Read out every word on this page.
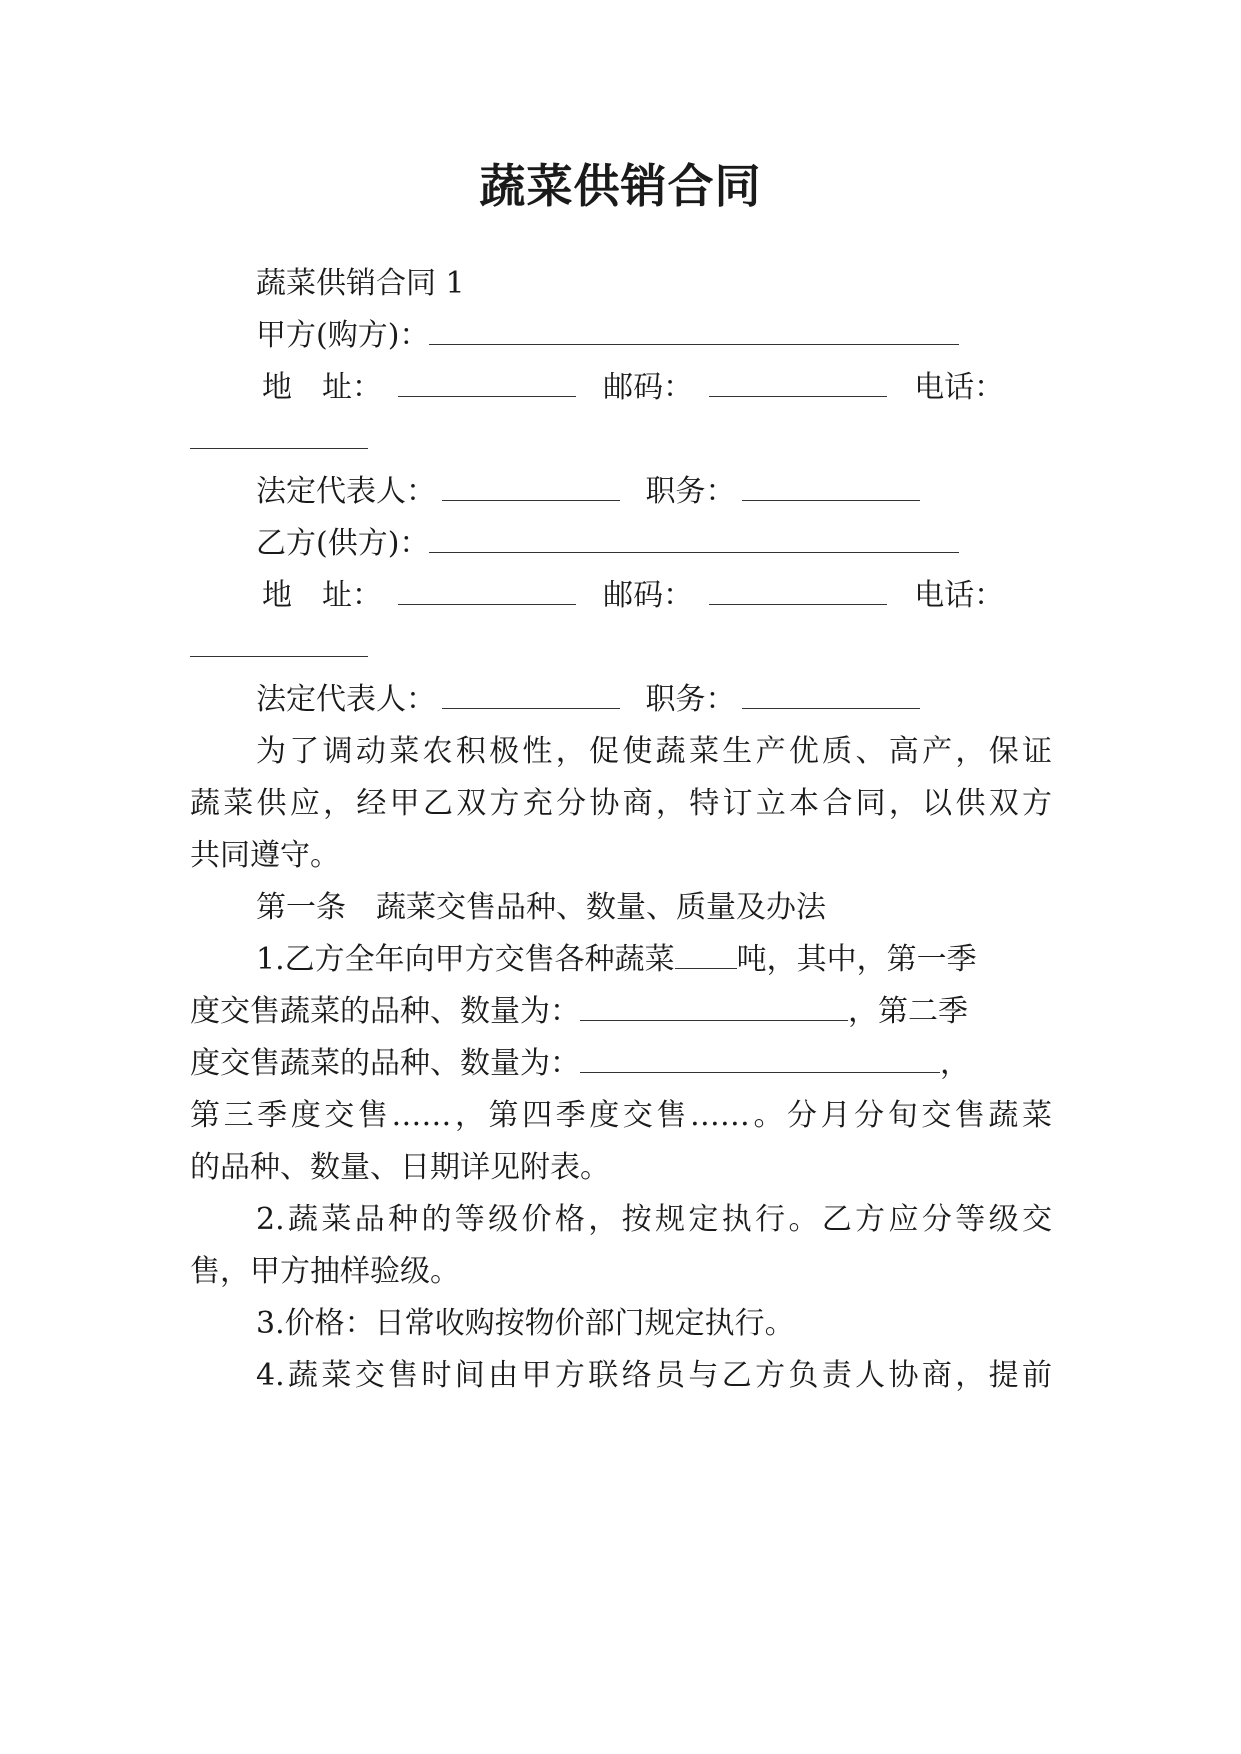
蔬菜供销合同
蔬菜供销合同 1
甲方(购方)：
地　址：	邮码：	电话：
法定代表人：	职务：
乙方(供方)：
地　址：	邮码：	电话：
法定代表人：	职务：
为了调动菜农积极性，促使蔬菜生产优质、高产，保证
蔬菜供应，经甲乙双方充分协商，特订立本合同，以供双方
共同遵守。
第一条　蔬菜交售品种、数量、质量及办法
1.乙方全年向甲方交售各种蔬菜 吨，其中，第一季
度交售蔬菜的品种、数量为：	，第二季
度交售蔬菜的品种、数量为：	，
第三季度交售……，第四季度交售……。分月分旬交售蔬菜
的品种、数量、日期详见附表。
2.蔬菜品种的等级价格，按规定执行。乙方应分等级交
售，甲方抽样验级。
3.价格：日常收购按物价部门规定执行。
4.蔬菜交售时间由甲方联络员与乙方负责人协商，提前
